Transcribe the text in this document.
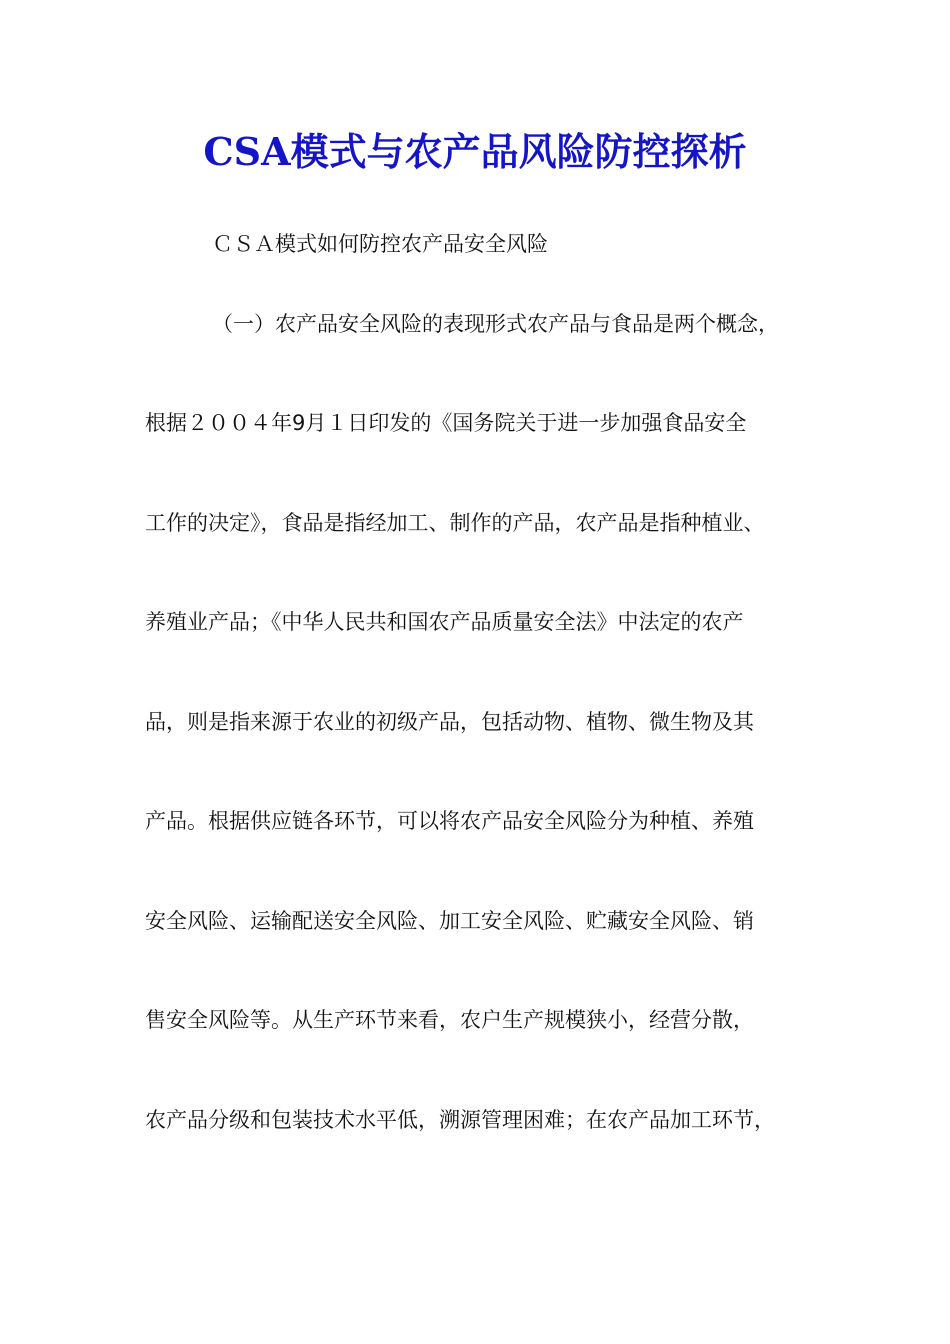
CSA模式与农产品风险防控探析
ＣＳＡ模式如何防控农产品安全风险
（一）农产品安全风险的表现形式农产品与食品是两个概念，
根据２００４年9月１日印发的《国务院关于进一步加强食品安全
工作的决定》，食品是指经加工、制作的产品，农产品是指种植业、
养殖业产品；《中华人民共和国农产品质量安全法》中法定的农产
品，则是指来源于农业的初级产品，包括动物、植物、微生物及其
产品。根据供应链各环节，可以将农产品安全风险分为种植、养殖
安全风险、运输配送安全风险、加工安全风险、贮藏安全风险、销
售安全风险等。从生产环节来看，农户生产规模狭小，经营分散，
农产品分级和包装技术水平低，溯源管理困难；在农产品加工环节，
